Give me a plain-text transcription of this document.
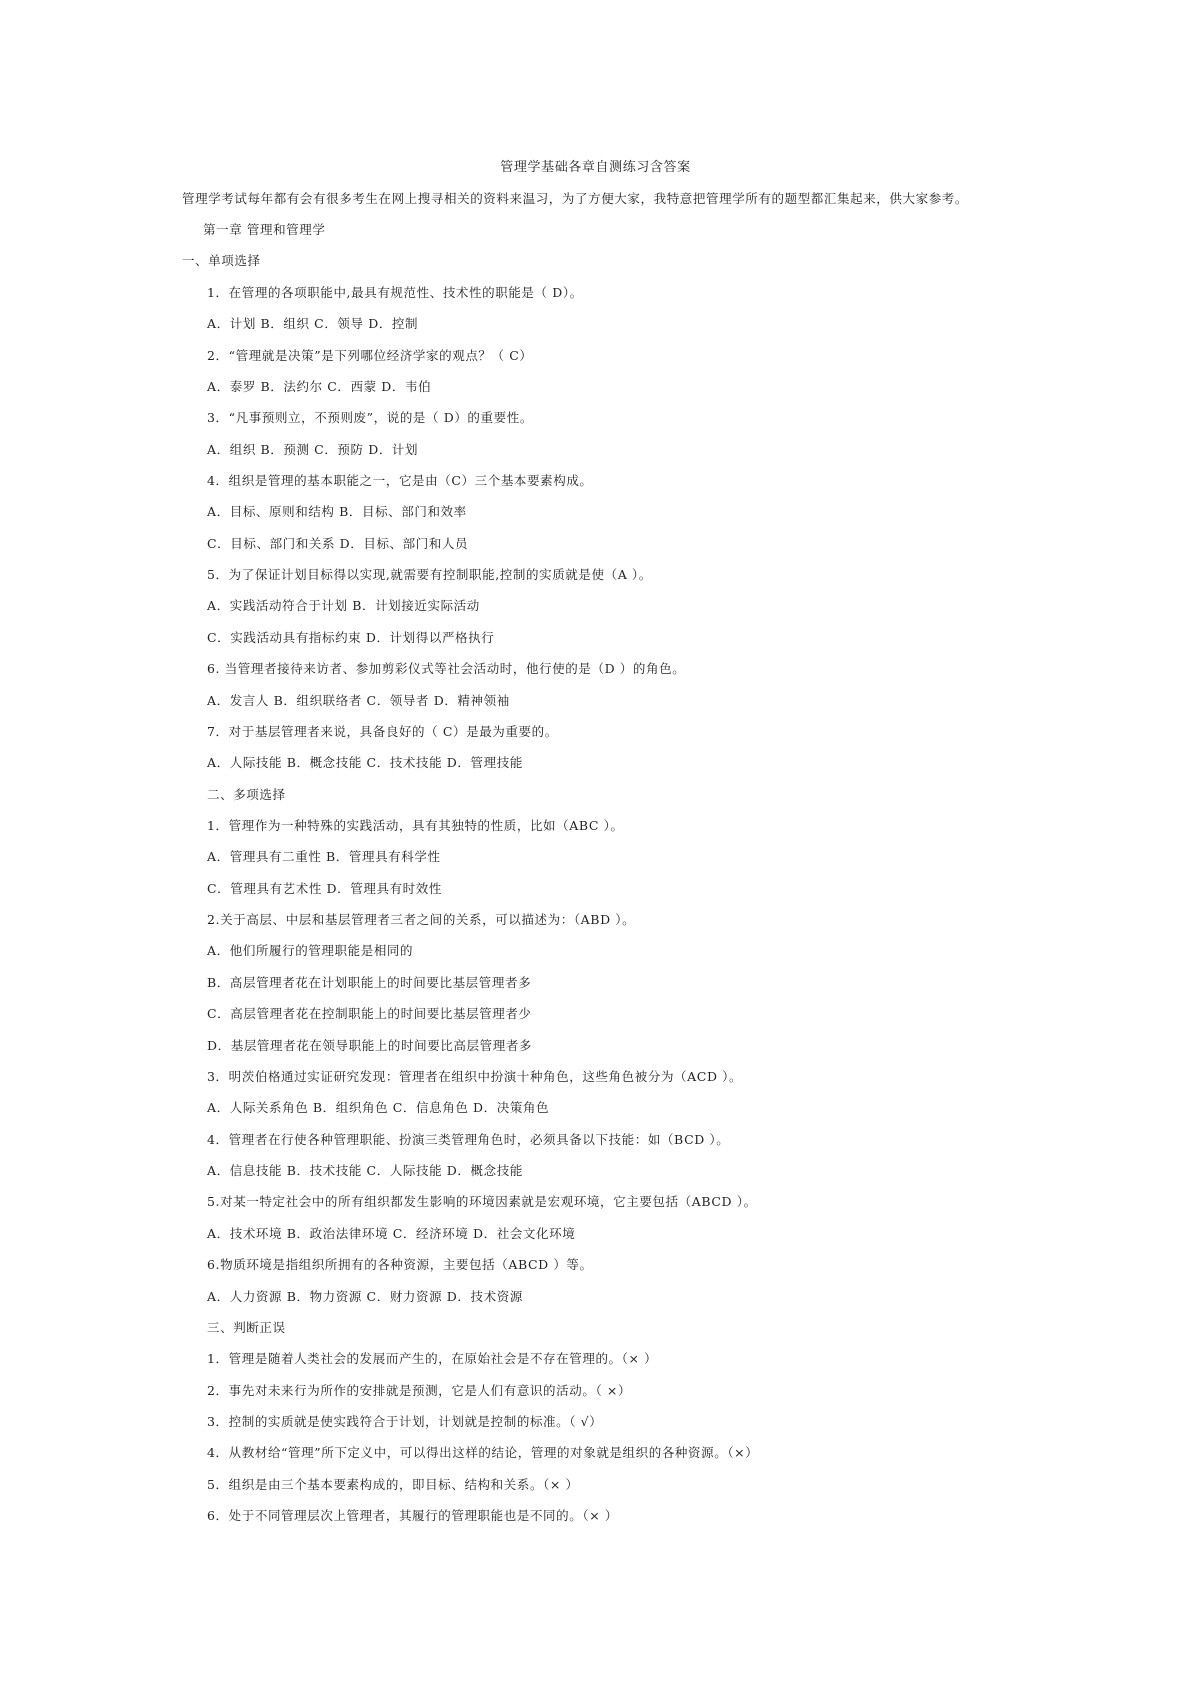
管理学基础各章自测练习含答案
管理学考试每年都有会有很多考生在网上搜寻相关的资料来温习，为了方便大家，我特意把管理学所有的题型都汇集起来，供大家参考。
第一章 管理和管理学
一、单项选择
1．在管理的各项职能中,最具有规范性、技术性的职能是（ D）。
A．计划 B．组织 C．领导 D．控制
2．“管理就是决策”是下列哪位经济学家的观点？（ C）
A．泰罗 B．法约尔 C．西蒙 D．韦伯
3．“凡事预则立，不预则废”，说的是（ D）的重要性。
A．组织 B．预测 C．预防 D．计划
4．组织是管理的基本职能之一，它是由（C）三个基本要素构成。
A．目标、原则和结构 B．目标、部门和效率
C．目标、部门和关系 D．目标、部门和人员
5．为了保证计划目标得以实现,就需要有控制职能,控制的实质就是使（A ）。
A．实践活动符合于计划 B．计划接近实际活动
C．实践活动具有指标约束 D．计划得以严格执行
6. 当管理者接待来访者、参加剪彩仪式等社会活动时，他行使的是（D ）的角色。
A．发言人 B．组织联络者 C．领导者 D．精神领袖
7．对于基层管理者来说，具备良好的（ C）是最为重要的。
A．人际技能 B．概念技能 C．技术技能 D．管理技能
二、多项选择
1．管理作为一种特殊的实践活动，具有其独特的性质，比如（ABC ）。
A．管理具有二重性 B．管理具有科学性
C．管理具有艺术性 D．管理具有时效性
2.关于高层、中层和基层管理者三者之间的关系，可以描述为：（ABD ）。
A．他们所履行的管理职能是相同的
B．高层管理者花在计划职能上的时间要比基层管理者多
C．高层管理者花在控制职能上的时间要比基层管理者少
D．基层管理者花在领导职能上的时间要比高层管理者多
3．明茨伯格通过实证研究发现：管理者在组织中扮演十种角色，这些角色被分为（ACD ）。
A．人际关系角色 B．组织角色 C．信息角色 D．决策角色
4．管理者在行使各种管理职能、扮演三类管理角色时，必须具备以下技能：如（BCD ）。
A．信息技能 B．技术技能 C．人际技能 D．概念技能
5.对某一特定社会中的所有组织都发生影响的环境因素就是宏观环境，它主要包括（ABCD ）。
A．技术环境 B．政治法律环境 C．经济环境 D．社会文化环境
6.物质环境是指组织所拥有的各种资源，主要包括（ABCD ）等。
A．人力资源 B．物力资源 C．财力资源 D．技术资源
三、判断正误
1．管理是随着人类社会的发展而产生的，在原始社会是不存在管理的。（× ）
2．事先对未来行为所作的安排就是预测，它是人们有意识的活动。（ ×）
3．控制的实质就是使实践符合于计划，计划就是控制的标准。（ √）
4．从教材给“管理”所下定义中，可以得出这样的结论，管理的对象就是组织的各种资源。（×）
5．组织是由三个基本要素构成的，即目标、结构和关系。（× ）
6．处于不同管理层次上管理者，其履行的管理职能也是不同的。（× ）
